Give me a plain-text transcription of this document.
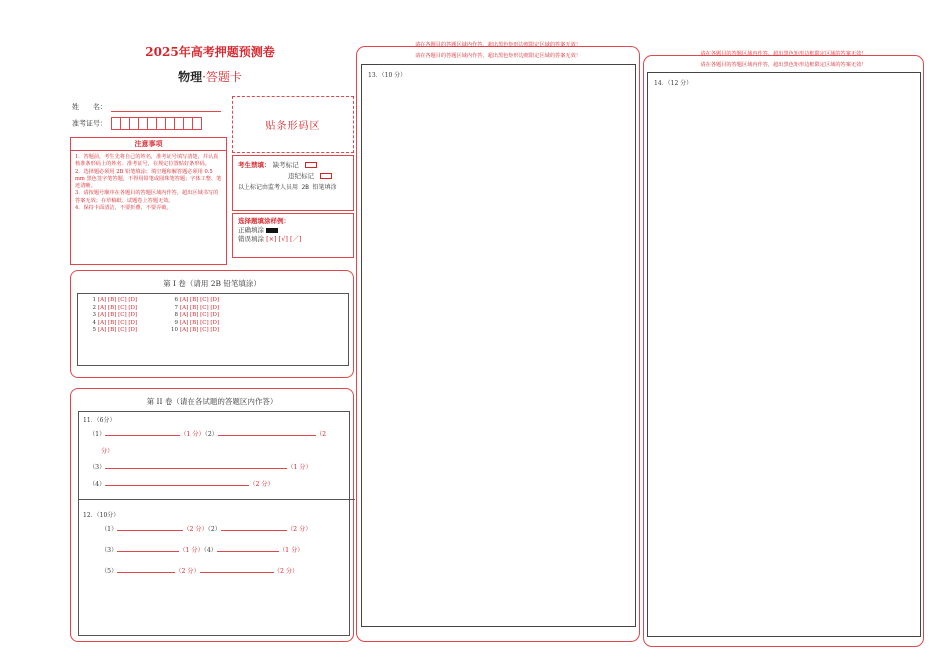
2025年高考押题预测卷
物理·答题卡
姓　　名：
准考证号：	贴条形码区
注意事项
1．答题前，考生先将自己的姓名，准考证号填写清楚，并认真核准条形码上的姓名、准考证号，在规定位置贴好条形码。
2．选择题必须用 2B 铅笔填涂；填空题和解答题必须用 0.5 mm 黑色签字笔答题，不得用铅笔或圆珠笔答题；字体工整、笔迹清晰。
3．请按题号顺序在各题目的答题区域内作答，超出区域书写的答案无效；在草稿纸、试题卷上答题无效。
4．保持卡面清洁，不要折叠、不要弄破。
考生禁填： 缺考标记
违纪标记
以上标记由监考人员用 2B 铅笔填涂
选择题填涂样例：
正确填涂
错误填涂 [×] [√] [／]
第 I 卷（请用 2B 铅笔填涂）
1 [A] [B] [C] [D]
2 [A] [B] [C] [D]
3 [A] [B] [C] [D]
4 [A] [B] [C] [D]
5 [A] [B] [C] [D]
6 [A] [B] [C] [D]
7 [A] [B] [C] [D]
8 [A] [B] [C] [D]
9 [A] [B] [C] [D]
10 [A] [B] [C] [D]
第 II 卷（请在各试题的答题区内作答）
11．（6分）
（1）	（1 分）（2）	（2
分）
（3）	（1 分）
（4）	（2 分）
12．（10分）
（1）	（2 分）（2）	（2 分）
（3）	（1 分）（4）	（1 分）
（5）	（2 分）	（2 分）
请在各题目的答题区域内作答，超出黑色矩形边框限定区域的答案无效！
请在各题目的答题区域内作答，超出黑色矩形边框限定区域的答案无效！
13．（10 分）
请在各题目的答题区域内作答，超出黑色矩形边框限定区域的答案无效！
请在各题目的答题区域内作答，超出黑色矩形边框限定区域的答案无效！
14．（12 分）
